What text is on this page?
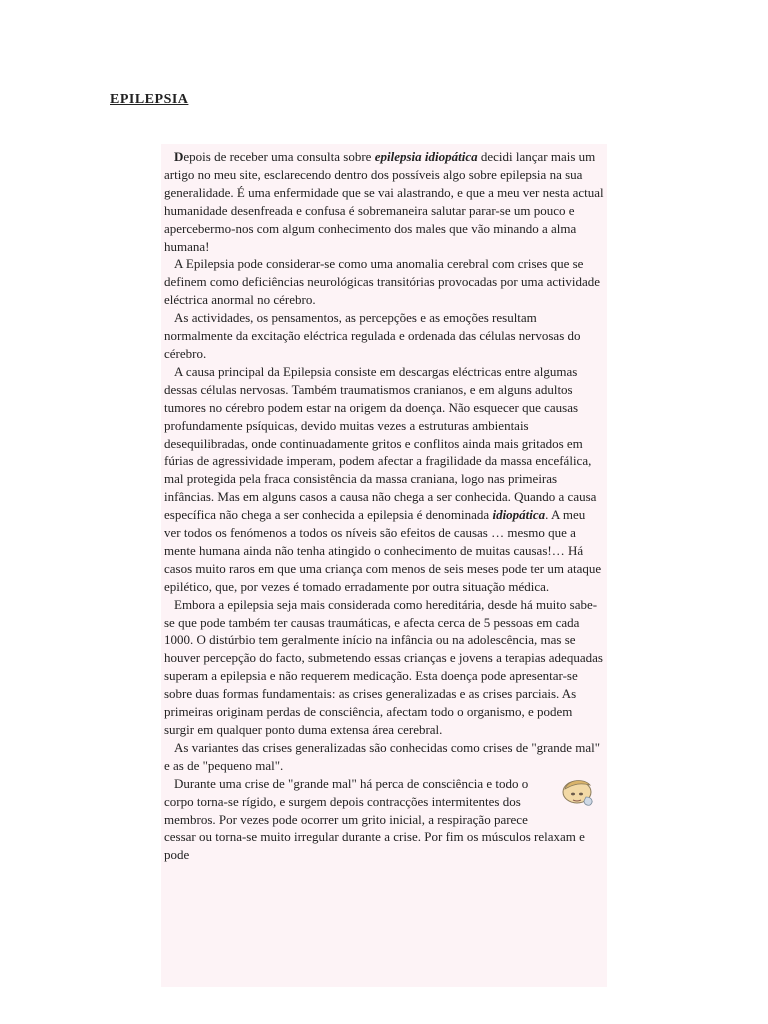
EPILEPSIA

Depois de receber uma consulta sobre epilepsia idiopática decidi lançar mais um artigo no meu site, esclarecendo dentro dos possíveis algo sobre epilepsia na sua generalidade. É uma enfermidade que se vai alastrando, e que a meu ver nesta actual humanidade desenfreada e confusa é sobremaneira salutar parar-se um pouco e apercebermo-nos com algum conhecimento dos males que vão minando a alma humana!

A Epilepsia pode considerar-se como uma anomalia cerebral com crises que se definem como deficiências neurológicas transitórias provocadas por uma actividade eléctrica anormal no cérebro.

As actividades, os pensamentos, as percepções e as emoções resultam normalmente da excitação eléctrica regulada e ordenada das células nervosas do cérebro.

A causa principal da Epilepsia consiste em descargas eléctricas entre algumas dessas células nervosas. Também traumatismos cranianos, e em alguns adultos tumores no cérebro podem estar na origem da doença. Não esquecer que causas profundamente psíquicas, devido muitas vezes a estruturas ambientais desequilibradas, onde continuadamente gritos e conflitos ainda mais gritados em fúrias de agressividade imperam, podem afectar a fragilidade da massa encefálica, mal protegida pela fraca consistência da massa craniana, logo nas primeiras infâncias. Mas em alguns casos a causa não chega a ser conhecida. Quando a causa específica não chega a ser conhecida a epilepsia é denominada idiopática. A meu ver todos os fenómenos a todos os níveis são efeitos de causas … mesmo que a mente humana ainda não tenha atingido o conhecimento de muitas causas!… Há casos muito raros em que uma criança com menos de seis meses pode ter um ataque epilético, que, por vezes é tomado erradamente por outra situação médica.

Embora a epilepsia seja mais considerada como hereditária, desde há muito sabe-se que pode também ter causas traumáticas, e afecta cerca de 5 pessoas em cada 1000. O distúrbio tem geralmente início na infância ou na adolescência, mas se houver percepção do facto, submetendo essas crianças e jovens a terapias adequadas superam a epilepsia e não requerem medicação. Esta doença pode apresentar-se sobre duas formas fundamentais: as crises generalizadas e as crises parciais. As primeiras originam perdas de consciência, afectam todo o organismo, e podem surgir em qualquer ponto duma extensa área cerebral.

As variantes das crises generalizadas são conhecidas como crises de "grande mal" e as de "pequeno mal".

Durante uma crise de "grande mal" há perca de consciência e todo o corpo torna-se rígido, e surgem depois contracções intermitentes dos membros. Por vezes pode ocorrer um grito inicial, a respiração parece cessar ou torna-se muito irregular durante a crise. Por fim os músculos relaxam e pode
